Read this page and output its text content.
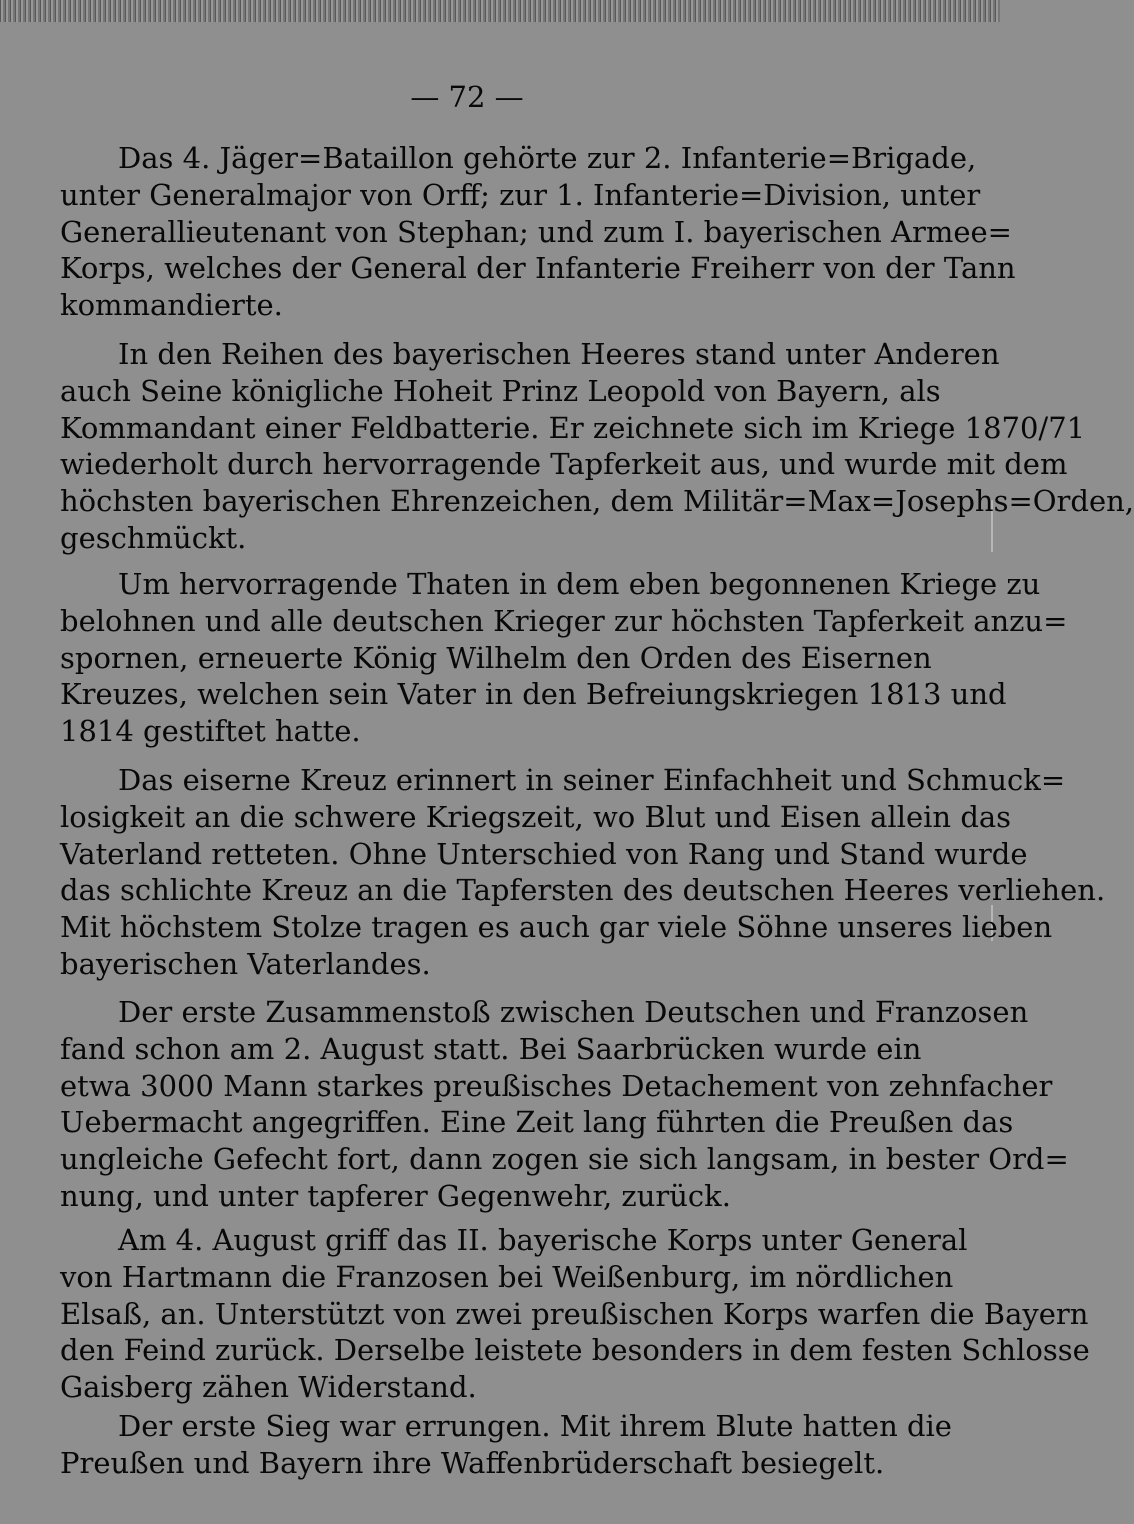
— 72 —

Das 4. Jäger=Bataillon gehörte zur 2. Infanterie=Brigade,
unter Generalmajor von Orff; zur 1. Infanterie=Division, unter
Generallieutenant von Stephan; und zum I. bayerischen Armee=
Korps, welches der General der Infanterie Freiherr von der Tann
kommandierte.

In den Reihen des bayerischen Heeres stand unter Anderen
auch Seine königliche Hoheit Prinz Leopold von Bayern, als
Kommandant einer Feldbatterie. Er zeichnete sich im Kriege 1870/71
wiederholt durch hervorragende Tapferkeit aus, und wurde mit dem
höchsten bayerischen Ehrenzeichen, dem Militär=Max=Josephs=Orden,
geschmückt.

Um hervorragende Thaten in dem eben begonnenen Kriege zu
belohnen und alle deutschen Krieger zur höchsten Tapferkeit anzu=
spornen, erneuerte König Wilhelm den Orden des Eisernen
Kreuzes, welchen sein Vater in den Befreiungskriegen 1813 und
1814 gestiftet hatte.

Das eiserne Kreuz erinnert in seiner Einfachheit und Schmuck=
losigkeit an die schwere Kriegszeit, wo Blut und Eisen allein das
Vaterland retteten. Ohne Unterschied von Rang und Stand wurde
das schlichte Kreuz an die Tapfersten des deutschen Heeres verliehen.
Mit höchstem Stolze tragen es auch gar viele Söhne unseres lieben
bayerischen Vaterlandes.

Der erste Zusammenstoß zwischen Deutschen und Franzosen
fand schon am 2. August statt. Bei Saarbrücken wurde ein
etwa 3000 Mann starkes preußisches Detachement von zehnfacher
Uebermacht angegriffen. Eine Zeit lang führten die Preußen das
ungleiche Gefecht fort, dann zogen sie sich langsam, in bester Ord=
nung, und unter tapferer Gegenwehr, zurück.

Am 4. August griff das II. bayerische Korps unter General
von Hartmann die Franzosen bei Weißenburg, im nördlichen
Elsaß, an. Unterstützt von zwei preußischen Korps warfen die Bayern
den Feind zurück. Derselbe leistete besonders in dem festen Schlosse
Gaisberg zähen Widerstand.

Der erste Sieg war errungen. Mit ihrem Blute hatten die
Preußen und Bayern ihre Waffenbrüderschaft besiegelt.
